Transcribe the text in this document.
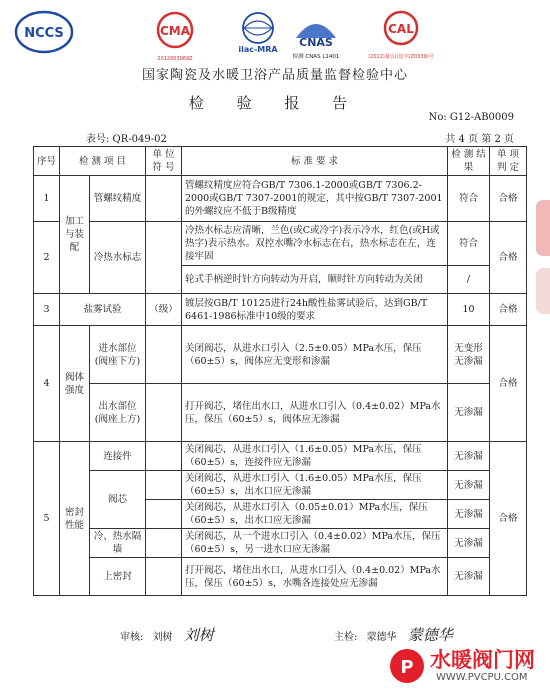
NCCS	CMA
2012003069Z
ilac-MRA
CNAS
检测 CNAS L1401
CAL
(2012)量认(国)字(Z0339)号
国家陶瓷及水暖卫浴产品质量监督检验中心
检 验 报 告
No: G12-AB0009
表号: QR-049-02	共 4 页 第 2 页
序号	检 测 项 目		单 位 符 号	标 准 要 求	检 测 结 果	单 项 判 定
1	加工与装配	管螺纹精度		管螺纹精度应符合GB/T 7306.1-2000或GB/T 7306.2-2000或GB/T 7307-2001的规定，其中按GB/T 7307-2001的外螺纹应不低于B级精度	符合	合格
2		冷热水标志		冷热水标志应清晰，兰色(或C或冷字)表示冷水，红色(或H或热字)表示热水。双控水嘴冷水标志在右，热水标志在左，连接牢固	符合	合格
				轮式手柄逆时针方向转动为开启，顺时针方向转动为关闭	/	
3	盐雾试验		（级）	镀层按GB/T 10125进行24h酸性盐雾试验后，达到GB/T 6461-1986标准中10级的要求	10	合格
4	阀体强度	进水部位(阀座下方)		关闭阀芯，从进水口引入（2.5±0.05）MPa水压，保压（60±5）s，阀体应无变形和渗漏	无变形无渗漏	合格
		出水部位(阀座上方)		打开阀芯，堵住出水口，从进水口引入（0.4±0.02）MPa水压，保压（60±5）s，阀体应无渗漏	无渗漏	
5	密封性能	连接件		关闭阀芯，从进水口引入（1.6±0.05）MPa水压，保压（60±5）s，连接件应无渗漏	无渗漏	合格
		阀芯		关闭阀芯，从进水口引入（1.6±0.05）MPa水压，保压（60±5）s，出水口应无渗漏	无渗漏	
				关闭阀芯，从进水口引入（0.05±0.01）MPa水压，保压（60±5）s，出水口应无渗漏	无渗漏	
		冷、热水隔墙		关闭阀芯，从一个进水口引入（0.4±0.02）MPa水压，保压（60±5）s，另一进水口应无渗漏	无渗漏	
		上密封		打开阀芯，堵住出水口，从进水口引入（0.4±0.02）MPa水压，保压（60±5）s，水嘴各连接处应无渗漏	无渗漏	
审核: 刘树 刘树	主检: 蒙德华 蒙德华
P 水暖阀门网
WWW.PVCPU.COM
